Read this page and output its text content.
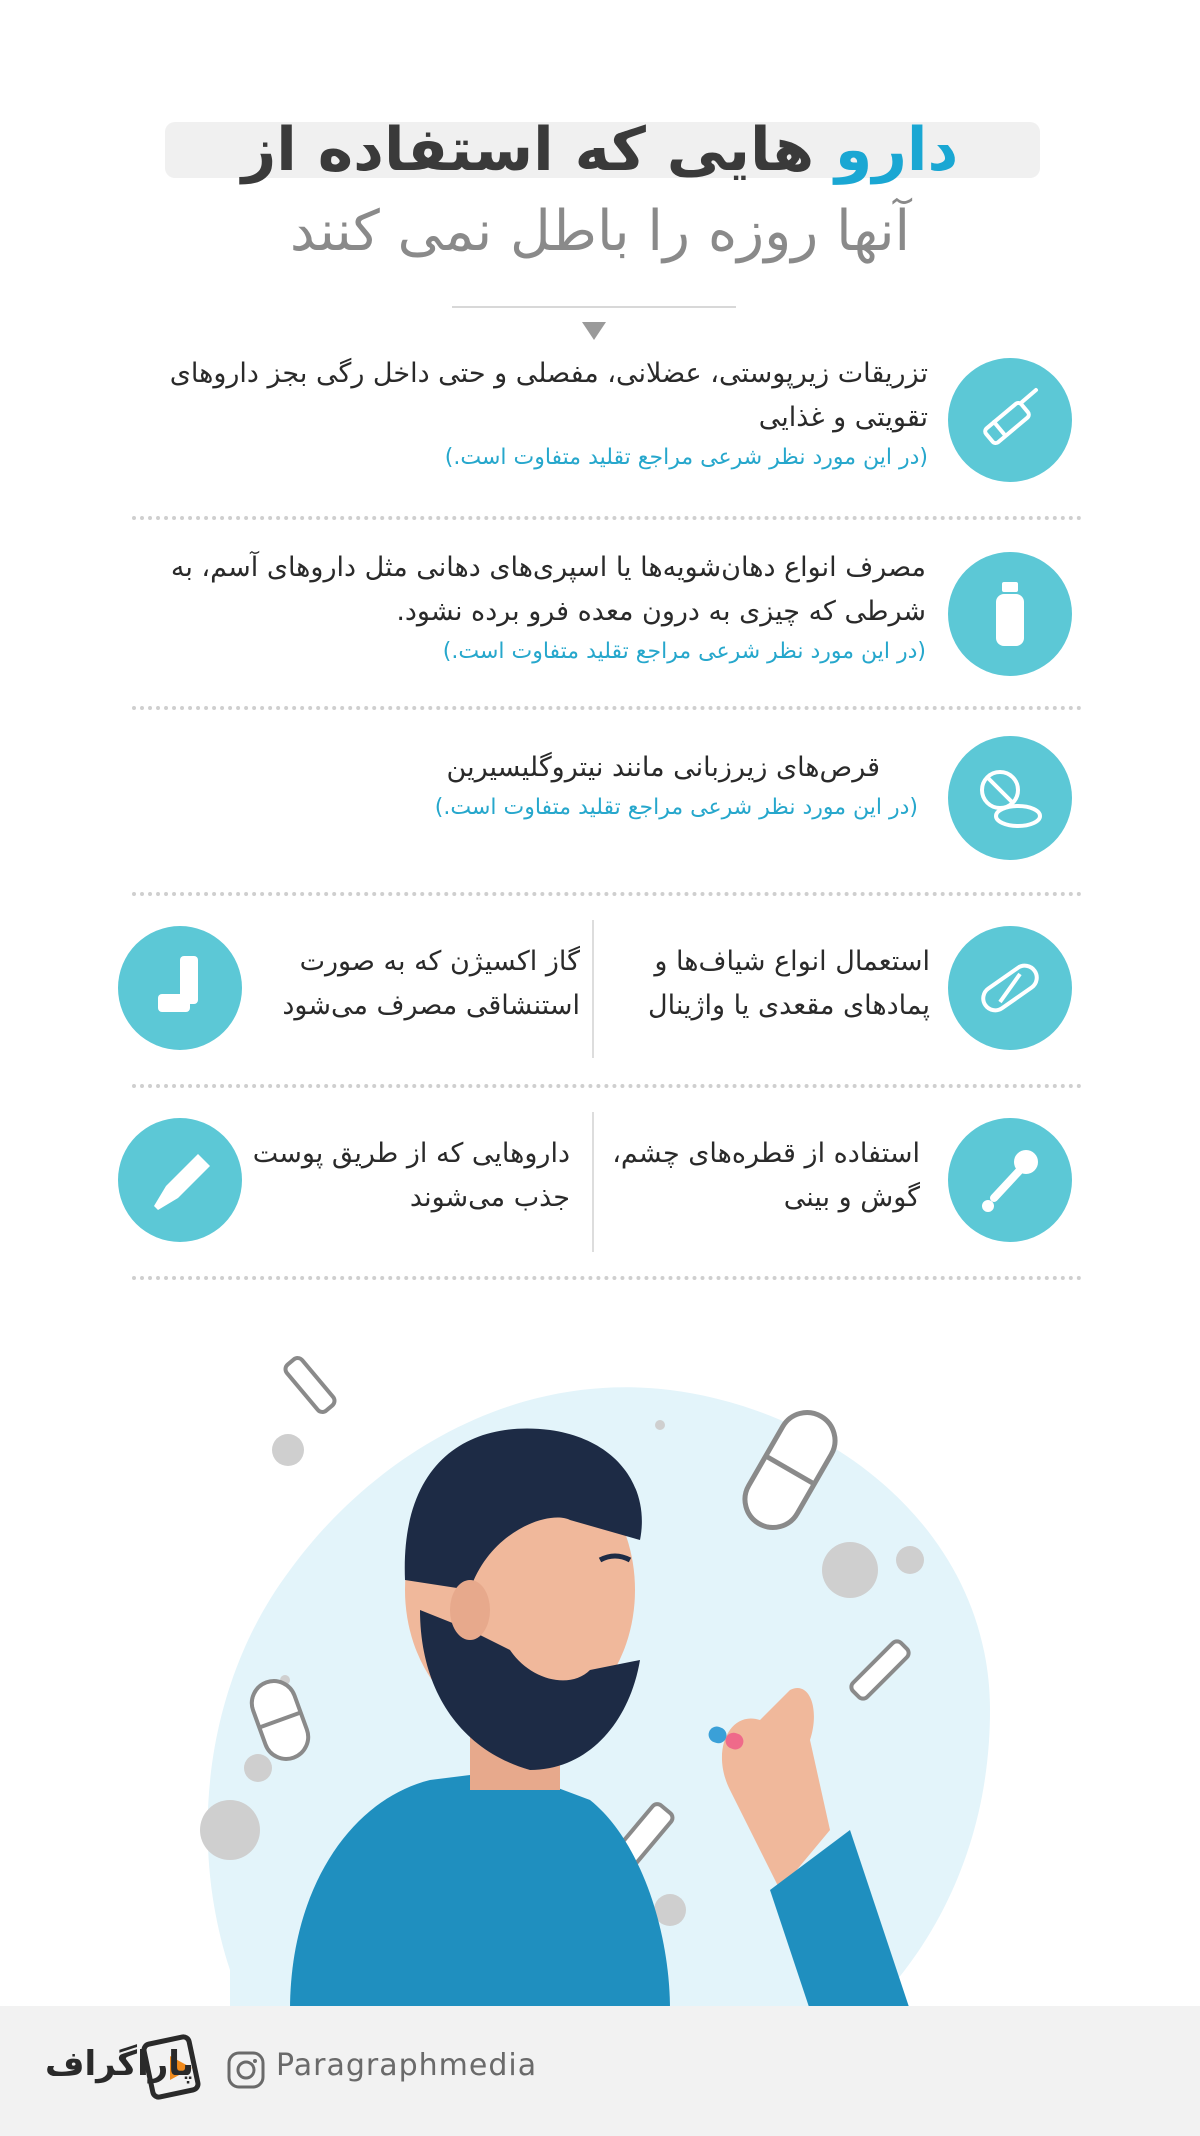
دارو هایی که استفاده از
آنها روزه را باطل نمی کنند
تزریقات زیرپوستی، عضلانی، مفصلی و حتی داخل رگی بجز داروهای تقویتی و غذایی
(در این مورد نظر شرعی مراجع تقلید متفاوت است.)
مصرف انواع دهان‌شویه‌ها یا اسپری‌های دهانی مثل داروهای آسم، به شرطی که چیزی به درون معده فرو برده نشود.
(در این مورد نظر شرعی مراجع تقلید متفاوت است.)
قرص‌های زیرزبانی مانند نیتروگلیسیرین
(در این مورد نظر شرعی مراجع تقلید متفاوت است.)
استعمال انواع شیاف‌ها و پمادهای مقعدی یا واژینال
گاز اکسیژن که به صورت استنشاقی مصرف می‌شود
استفاده از قطره‌های چشم، گوش و بینی
داروهایی که از طریق پوست جذب می‌شوند
Paragraphmedia
پاراگراف
